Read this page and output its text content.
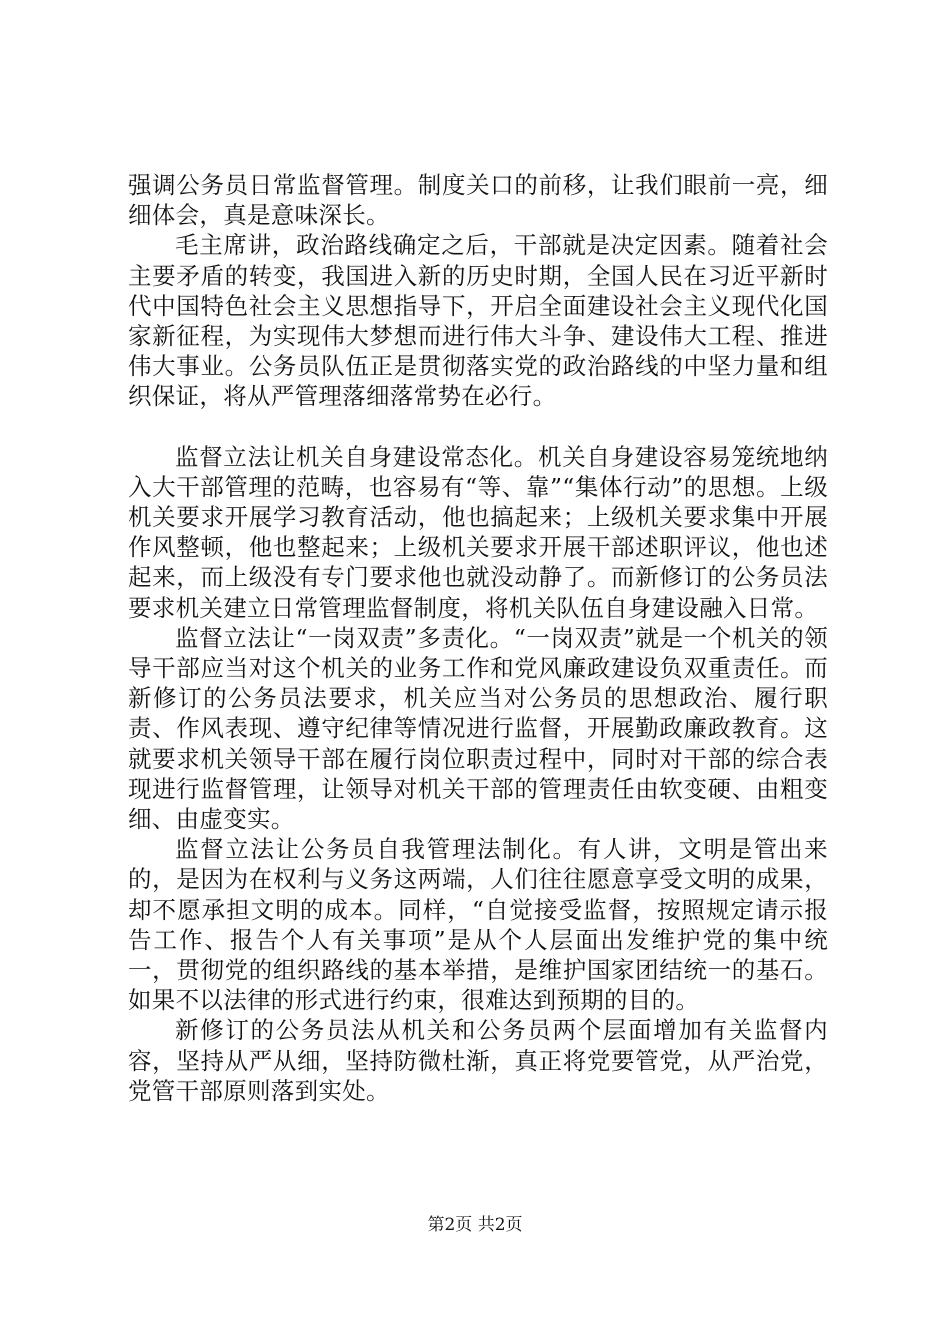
强调公务员日常监督管理。制度关口的前移，让我们眼前一亮，细细体会，真是意味深长。

毛主席讲，政治路线确定之后，干部就是决定因素。随着社会主要矛盾的转变，我国进入新的历史时期，全国人民在习近平新时代中国特色社会主义思想指导下，开启全面建设社会主义现代化国家新征程，为实现伟大梦想而进行伟大斗争、建设伟大工程、推进伟大事业。公务员队伍正是贯彻落实党的政治路线的中坚力量和组织保证，将从严管理落细落常势在必行。

监督立法让机关自身建设常态化。机关自身建设容易笼统地纳入大干部管理的范畴，也容易有“等、靠”“集体行动”的思想。上级机关要求开展学习教育活动，他也搞起来；上级机关要求集中开展作风整顿，他也整起来；上级机关要求开展干部述职评议，他也述起来，而上级没有专门要求他也就没动静了。而新修订的公务员法要求机关建立日常管理监督制度，将机关队伍自身建设融入日常。

监督立法让“一岗双责”多责化。“一岗双责”就是一个机关的领导干部应当对这个机关的业务工作和党风廉政建设负双重责任。而新修订的公务员法要求，机关应当对公务员的思想政治、履行职责、作风表现、遵守纪律等情况进行监督，开展勤政廉政教育。这就要求机关领导干部在履行岗位职责过程中，同时对干部的综合表现进行监督管理，让领导对机关干部的管理责任由软变硬、由粗变细、由虚变实。

监督立法让公务员自我管理法制化。有人讲，文明是管出来的，是因为在权利与义务这两端，人们往往愿意享受文明的成果，却不愿承担文明的成本。同样，“自觉接受监督，按照规定请示报告工作、报告个人有关事项”是从个人层面出发维护党的集中统一，贯彻党的组织路线的基本举措，是维护国家团结统一的基石。如果不以法律的形式进行约束，很难达到预期的目的。

新修订的公务员法从机关和公务员两个层面增加有关监督内容，坚持从严从细，坚持防微杜渐，真正将党要管党，从严治党，党管干部原则落到实处。

第2页 共2页
